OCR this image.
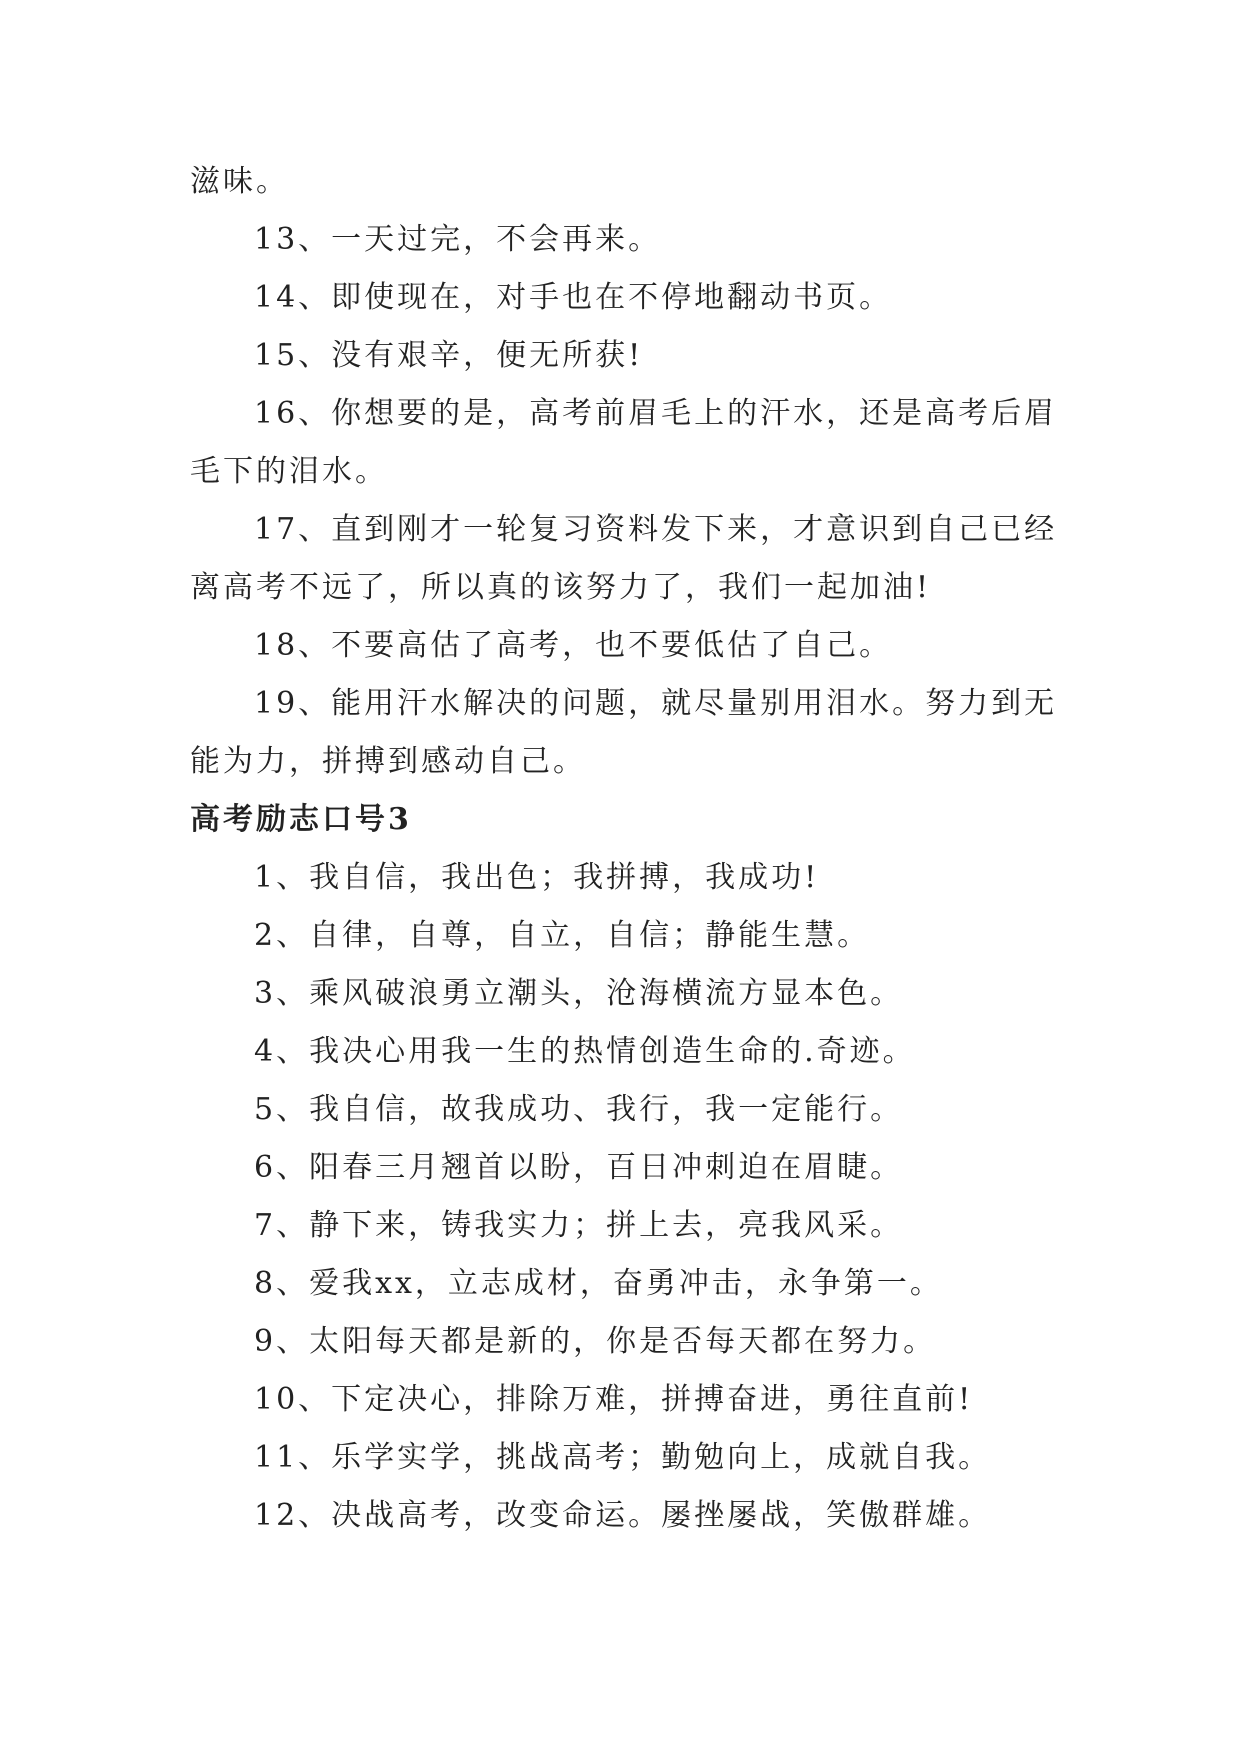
滋味。

13、一天过完，不会再来。

14、即使现在，对手也在不停地翻动书页。

15、没有艰辛，便无所获!

16、你想要的是，高考前眉毛上的汗水，还是高考后眉毛下的泪水。

17、直到刚才一轮复习资料发下来，才意识到自己已经离高考不远了，所以真的该努力了，我们一起加油!

18、不要高估了高考，也不要低估了自己。

19、能用汗水解决的问题，就尽量别用泪水。努力到无能为力，拼搏到感动自己。

高考励志口号3

1、我自信，我出色；我拼搏，我成功!

2、自律，自尊，自立，自信；静能生慧。

3、乘风破浪勇立潮头，沧海横流方显本色。

4、我决心用我一生的热情创造生命的.奇迹。

5、我自信，故我成功、我行，我一定能行。

6、阳春三月翘首以盼，百日冲刺迫在眉睫。

7、静下来，铸我实力；拼上去，亮我风采。

8、爱我xx，立志成材，奋勇冲击，永争第一。

9、太阳每天都是新的，你是否每天都在努力。

10、下定决心，排除万难，拼搏奋进，勇往直前!

11、乐学实学，挑战高考；勤勉向上，成就自我。

12、决战高考，改变命运。屡挫屡战，笑傲群雄。
